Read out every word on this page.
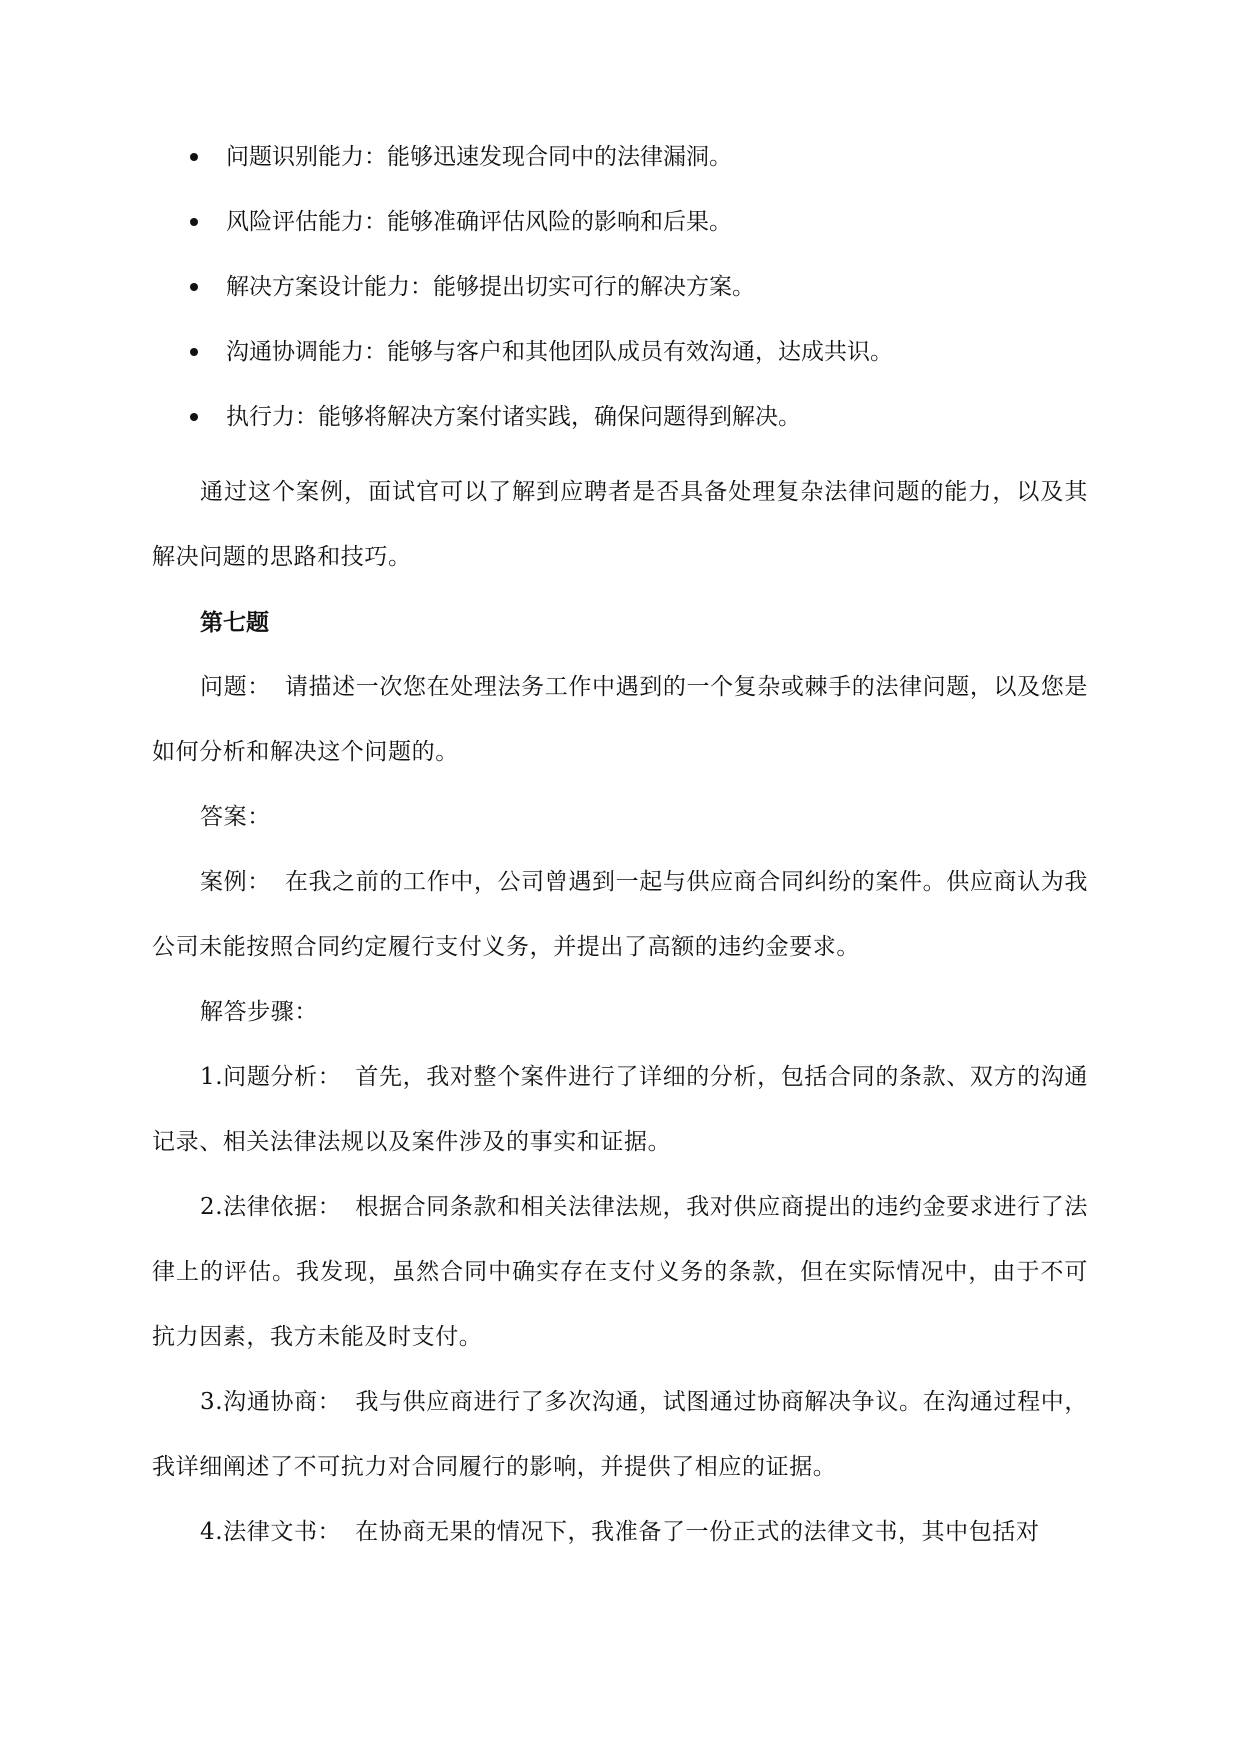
问题识别能力：能够迅速发现合同中的法律漏洞。
风险评估能力：能够准确评估风险的影响和后果。
解决方案设计能力：能够提出切实可行的解决方案。
沟通协调能力：能够与客户和其他团队成员有效沟通，达成共识。
执行力：能够将解决方案付诸实践，确保问题得到解决。

通过这个案例，面试官可以了解到应聘者是否具备处理复杂法律问题的能力，以及其解决问题的思路和技巧。

第七题

问题： 请描述一次您在处理法务工作中遇到的一个复杂或棘手的法律问题，以及您是如何分析和解决这个问题的。

答案：

案例： 在我之前的工作中，公司曾遇到一起与供应商合同纠纷的案件。供应商认为我公司未能按照合同约定履行支付义务，并提出了高额的违约金要求。

解答步骤：

1.问题分析： 首先，我对整个案件进行了详细的分析，包括合同的条款、双方的沟通记录、相关法律法规以及案件涉及的事实和证据。

2.法律依据： 根据合同条款和相关法律法规，我对供应商提出的违约金要求进行了法律上的评估。我发现，虽然合同中确实存在支付义务的条款，但在实际情况中，由于不可抗力因素，我方未能及时支付。

3.沟通协商： 我与供应商进行了多次沟通，试图通过协商解决争议。在沟通过程中，我详细阐述了不可抗力对合同履行的影响，并提供了相应的证据。

4.法律文书： 在协商无果的情况下，我准备了一份正式的法律文书，其中包括对
